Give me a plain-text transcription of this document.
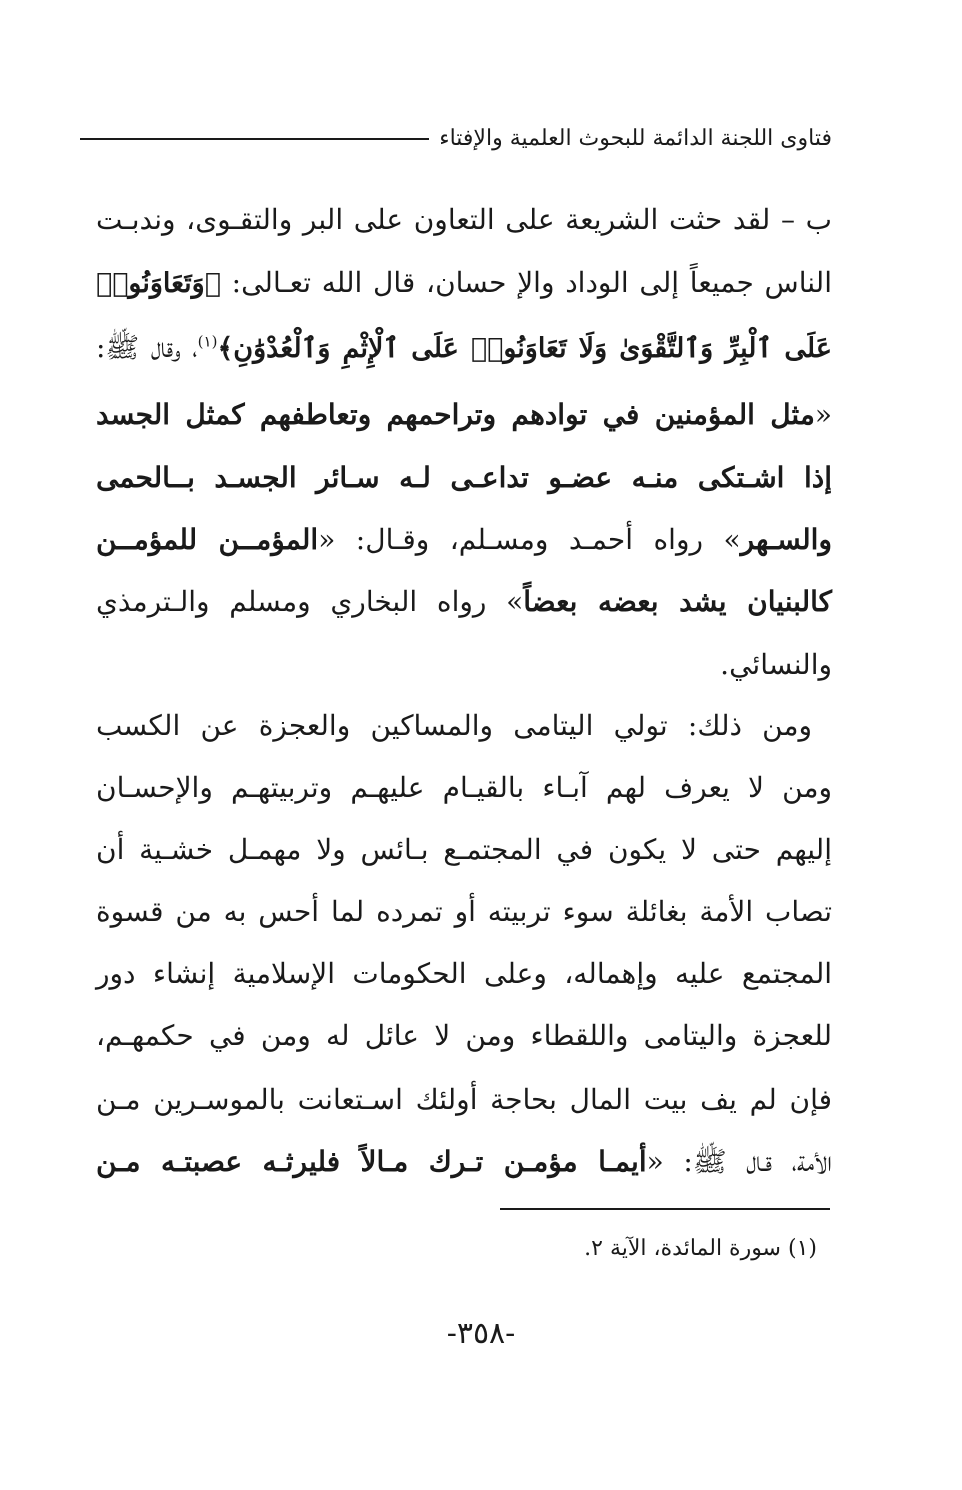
فتاوى اللجنة الدائمة للبحوث العلمية والإفتاء
ب – لقد حثت الشريعة على التعاون على البر والتقـوى، وندبـت
الناس جميعاً إلى الوداد والإ حسان، قال الله تعـالى: ﴿وَتَعَاوَنُوا۟
عَلَى ٱلْبِرِّ وَٱلتَّقْوَىٰ وَلَا تَعَاوَنُوا۟ عَلَى ٱلْإِثْمِ وَٱلْعُدْوَٰنِ﴾$^{(١)}$، وقال ﷺ:
«مثل المؤمنين في توادهم وتراحمهم وتعاطفهم كمثل الجسد
إذا اشـتكى منـه عضـو تداعـى لـه سـائر الجسـد بــالحمى
والسـهر» رواه أحمـد ومسـلم، وقـال: «المؤمــن للمؤمــن
كالبنيان يشد بعضه بعضاً» رواه البخاري ومسلم والـترمذي
والنسائي.
ومن ذلك: تولي اليتامى والمساكين والعجزة عن الكسب
ومن لا يعرف لهم آبـاء بالقيـام عليهـم وتربيتهـم والإحسـان
إليهم حتى لا يكون في المجتمـع بـائس ولا مهمـل خشـية أن
تصاب الأمة بغائلة سوء تربيته أو تمرده لما أحس به من قسوة
المجتمع عليه وإهماله، وعلى الحكومات الإسلامية إنشاء دور
للعجزة واليتامى واللقطاء ومن لا عائل له ومن في حكمهـم،
فإن لم يف بيت المال بحاجة أولئك اسـتعانت بالموسـرين مـن
الأمة، قـال ﷺ: «أيمـا مؤمـن تـرك مـالاً فليرثـه عصبتـه مـن
(١) سورة المائدة، الآية ٢.
-٣٥٨-
